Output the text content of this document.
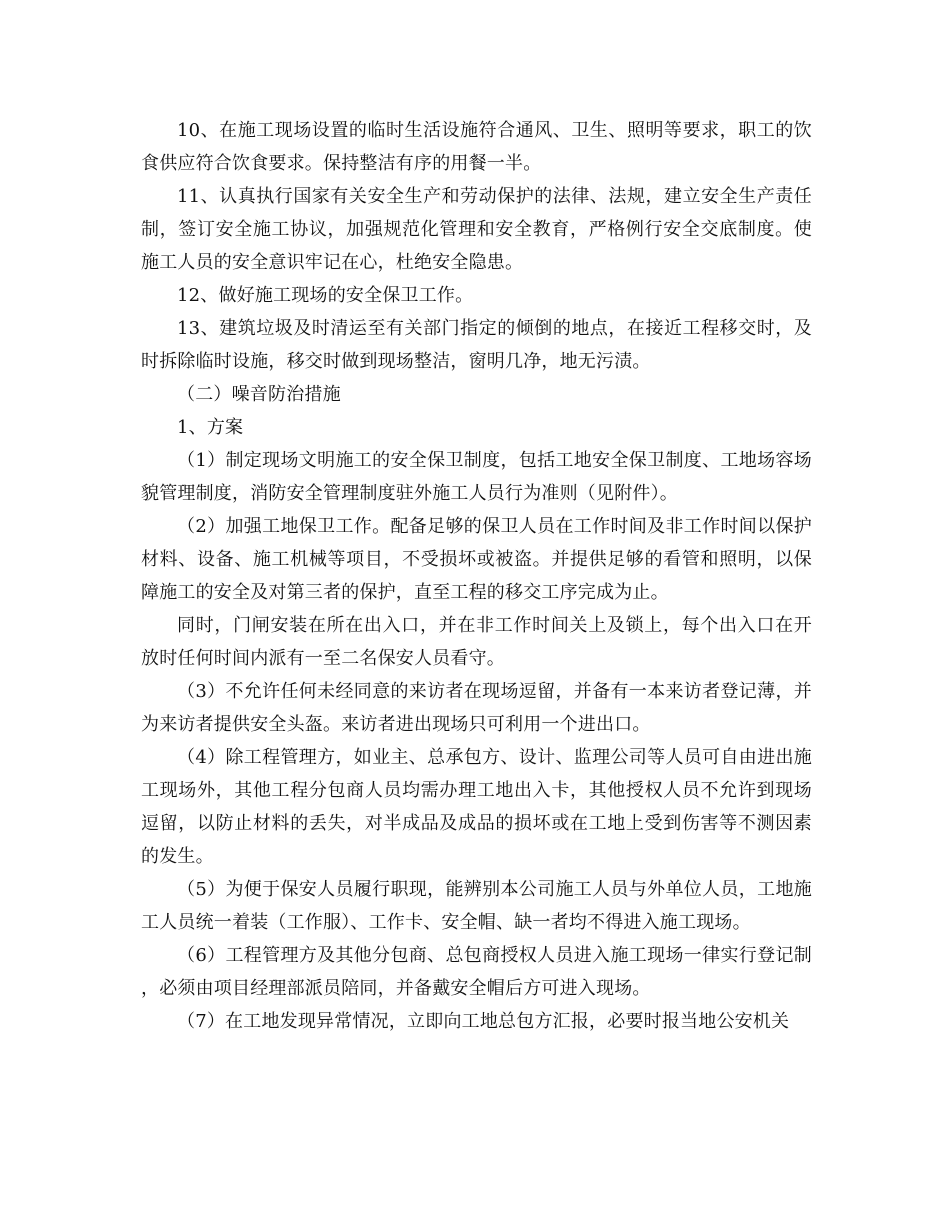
10、在施工现场设置的临时生活设施符合通风、卫生、照明等要求，职工的饮食供应符合饮食要求。保持整洁有序的用餐一半。

11、认真执行国家有关安全生产和劳动保护的法律、法规，建立安全生产责任制，签订安全施工协议，加强规范化管理和安全教育，严格例行安全交底制度。使施工人员的安全意识牢记在心，杜绝安全隐患。

12、做好施工现场的安全保卫工作。

13、建筑垃圾及时清运至有关部门指定的倾倒的地点，在接近工程移交时，及时拆除临时设施，移交时做到现场整洁，窗明几净，地无污渍。

（二）噪音防治措施

1、方案

（1）制定现场文明施工的安全保卫制度，包括工地安全保卫制度、工地场容场貌管理制度，消防安全管理制度驻外施工人员行为准则（见附件）。

（2）加强工地保卫工作。配备足够的保卫人员在工作时间及非工作时间以保护材料、设备、施工机械等项目，不受损坏或被盗。并提供足够的看管和照明，以保障施工的安全及对第三者的保护，直至工程的移交工序完成为止。

同时，门闸安装在所在出入口，并在非工作时间关上及锁上，每个出入口在开放时任何时间内派有一至二名保安人员看守。

（3）不允许任何未经同意的来访者在现场逗留，并备有一本来访者登记薄，并为来访者提供安全头盔。来访者进出现场只可利用一个进出口。

（4）除工程管理方，如业主、总承包方、设计、监理公司等人员可自由进出施工现场外，其他工程分包商人员均需办理工地出入卡，其他授权人员不允许到现场逗留，以防止材料的丢失，对半成品及成品的损坏或在工地上受到伤害等不测因素的发生。

（5）为便于保安人员履行职现，能辨别本公司施工人员与外单位人员，工地施工人员统一着装（工作服）、工作卡、安全帽、缺一者均不得进入施工现场。

（6）工程管理方及其他分包商、总包商授权人员进入施工现场一律实行登记制，必须由项目经理部派员陪同，并备戴安全帽后方可进入现场。

（7）在工地发现异常情况，立即向工地总包方汇报，必要时报当地公安机关
